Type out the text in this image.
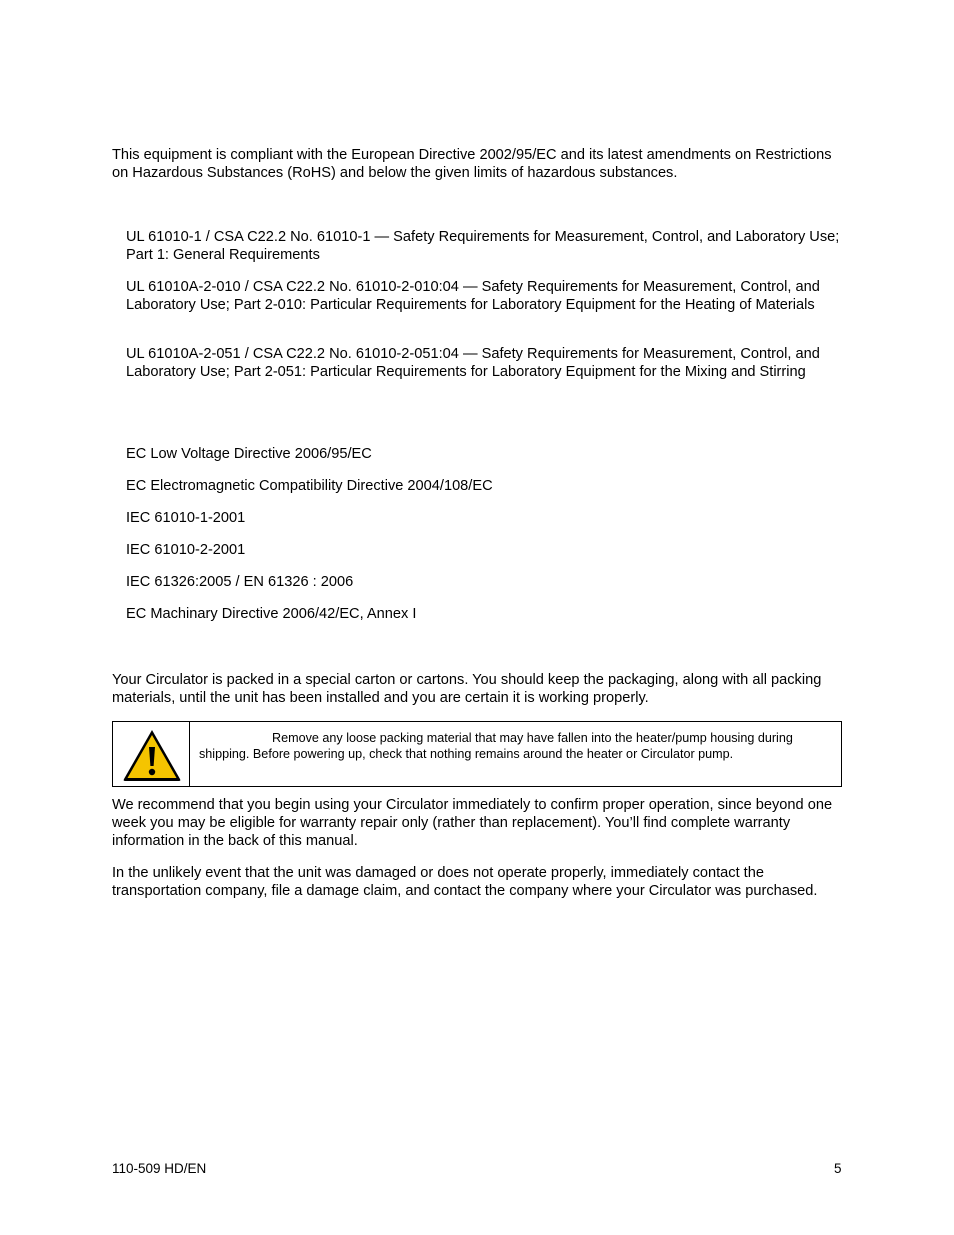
This equipment is compliant with the European Directive 2002/95/EC and its latest amendments on Restrictions on Hazardous Substances (RoHS) and below the given limits of hazardous substances.

UL 61010-1 / CSA C22.2 No. 61010-1 — Safety Requirements for Measurement, Control, and Laboratory Use; Part 1: General Requirements

UL 61010A-2-010 / CSA C22.2 No. 61010-2-010:04 — Safety Requirements for Measurement, Control, and Laboratory Use; Part 2-010: Particular Requirements for Laboratory Equipment for the Heating of Materials

UL 61010A-2-051 / CSA C22.2 No. 61010-2-051:04 — Safety Requirements for Measurement, Control, and Laboratory Use; Part 2-051: Particular Requirements for Laboratory Equipment for the Mixing and Stirring

EC Low Voltage Directive 2006/95/EC

EC Electromagnetic Compatibility Directive 2004/108/EC

IEC 61010-1-2001

IEC 61010-2-2001

IEC 61326:2005 / EN 61326 : 2006

EC Machinary Directive 2006/42/EC, Annex I

Your Circulator is packed in a special carton or cartons. You should keep the packaging, along with all packing materials, until the unit has been installed and you are certain it is working properly.

Remove any loose packing material that may have fallen into the heater/pump housing during shipping. Before powering up, check that nothing remains around the heater or Circulator pump.

We recommend that you begin using your Circulator immediately to confirm proper operation, since beyond one week you may be eligible for warranty repair only (rather than replacement). You’ll find complete warranty information in the back of this manual.

In the unlikely event that the unit was damaged or does not operate properly, immediately contact the transportation company, file a damage claim, and contact the company where your Circulator was purchased.

110-509 HD/EN	5
